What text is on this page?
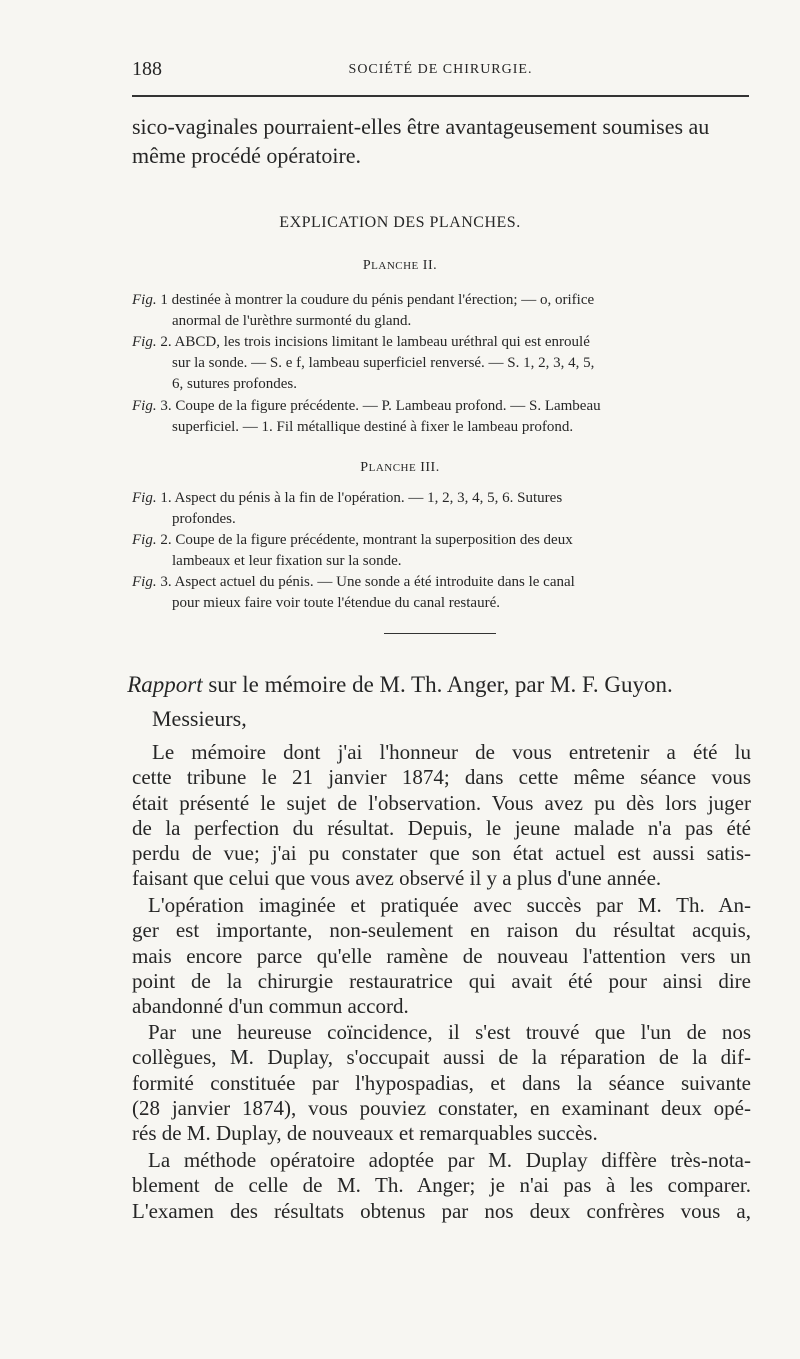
188	SOCIÉTÉ DE CHIRURGIE.
sico-vaginales pourraient-elles être avantageusement soumises au
même procédé opératoire.
EXPLICATION DES PLANCHES.
PLANCHE II.
Fig. 1 destinée à montrer la coudure du pénis pendant l'érection; — o, orifice
anormal de l'urèthre surmonté du gland.
Fig. 2. ABCD, les trois incisions limitant le lambeau uréthral qui est enroulé
sur la sonde. — S. e f, lambeau superficiel renversé. — S. 1, 2, 3, 4, 5,
6, sutures profondes.
Fig. 3. Coupe de la figure précédente. — P. Lambeau profond. — S. Lambeau
superficiel. — 1. Fil métallique destiné à fixer le lambeau profond.
PLANCHE III.
Fig. 1. Aspect du pénis à la fin de l'opération. — 1, 2, 3, 4, 5, 6. Sutures
profondes.
Fig. 2. Coupe de la figure précédente, montrant la superposition des deux
lambeaux et leur fixation sur la sonde.
Fig. 3. Aspect actuel du pénis. — Une sonde a été introduite dans le canal
pour mieux faire voir toute l'étendue du canal restauré.
Rapport sur le mémoire de M. Th. Anger, par M. F. Guyon.
Messieurs,
Le mémoire dont j'ai l'honneur de vous entretenir a été lu
cette tribune le 21 janvier 1874; dans cette même séance vous
était présenté le sujet de l'observation. Vous avez pu dès lors juger
de la perfection du résultat. Depuis, le jeune malade n'a pas été
perdu de vue; j'ai pu constater que son état actuel est aussi satis-
faisant que celui que vous avez observé il y a plus d'une année.
L'opération imaginée et pratiquée avec succès par M. Th. An-
ger est importante, non-seulement en raison du résultat acquis,
mais encore parce qu'elle ramène de nouveau l'attention vers un
point de la chirurgie restauratrice qui avait été pour ainsi dire
abandonné d'un commun accord.
Par une heureuse coïncidence, il s'est trouvé que l'un de nos
collègues, M. Duplay, s'occupait aussi de la réparation de la dif-
formité constituée par l'hypospadias, et dans la séance suivante
(28 janvier 1874), vous pouviez constater, en examinant deux opé-
rés de M. Duplay, de nouveaux et remarquables succès.
La méthode opératoire adoptée par M. Duplay diffère très-nota-
blement de celle de M. Th. Anger; je n'ai pas à les comparer.
L'examen des résultats obtenus par nos deux confrères vous a,
